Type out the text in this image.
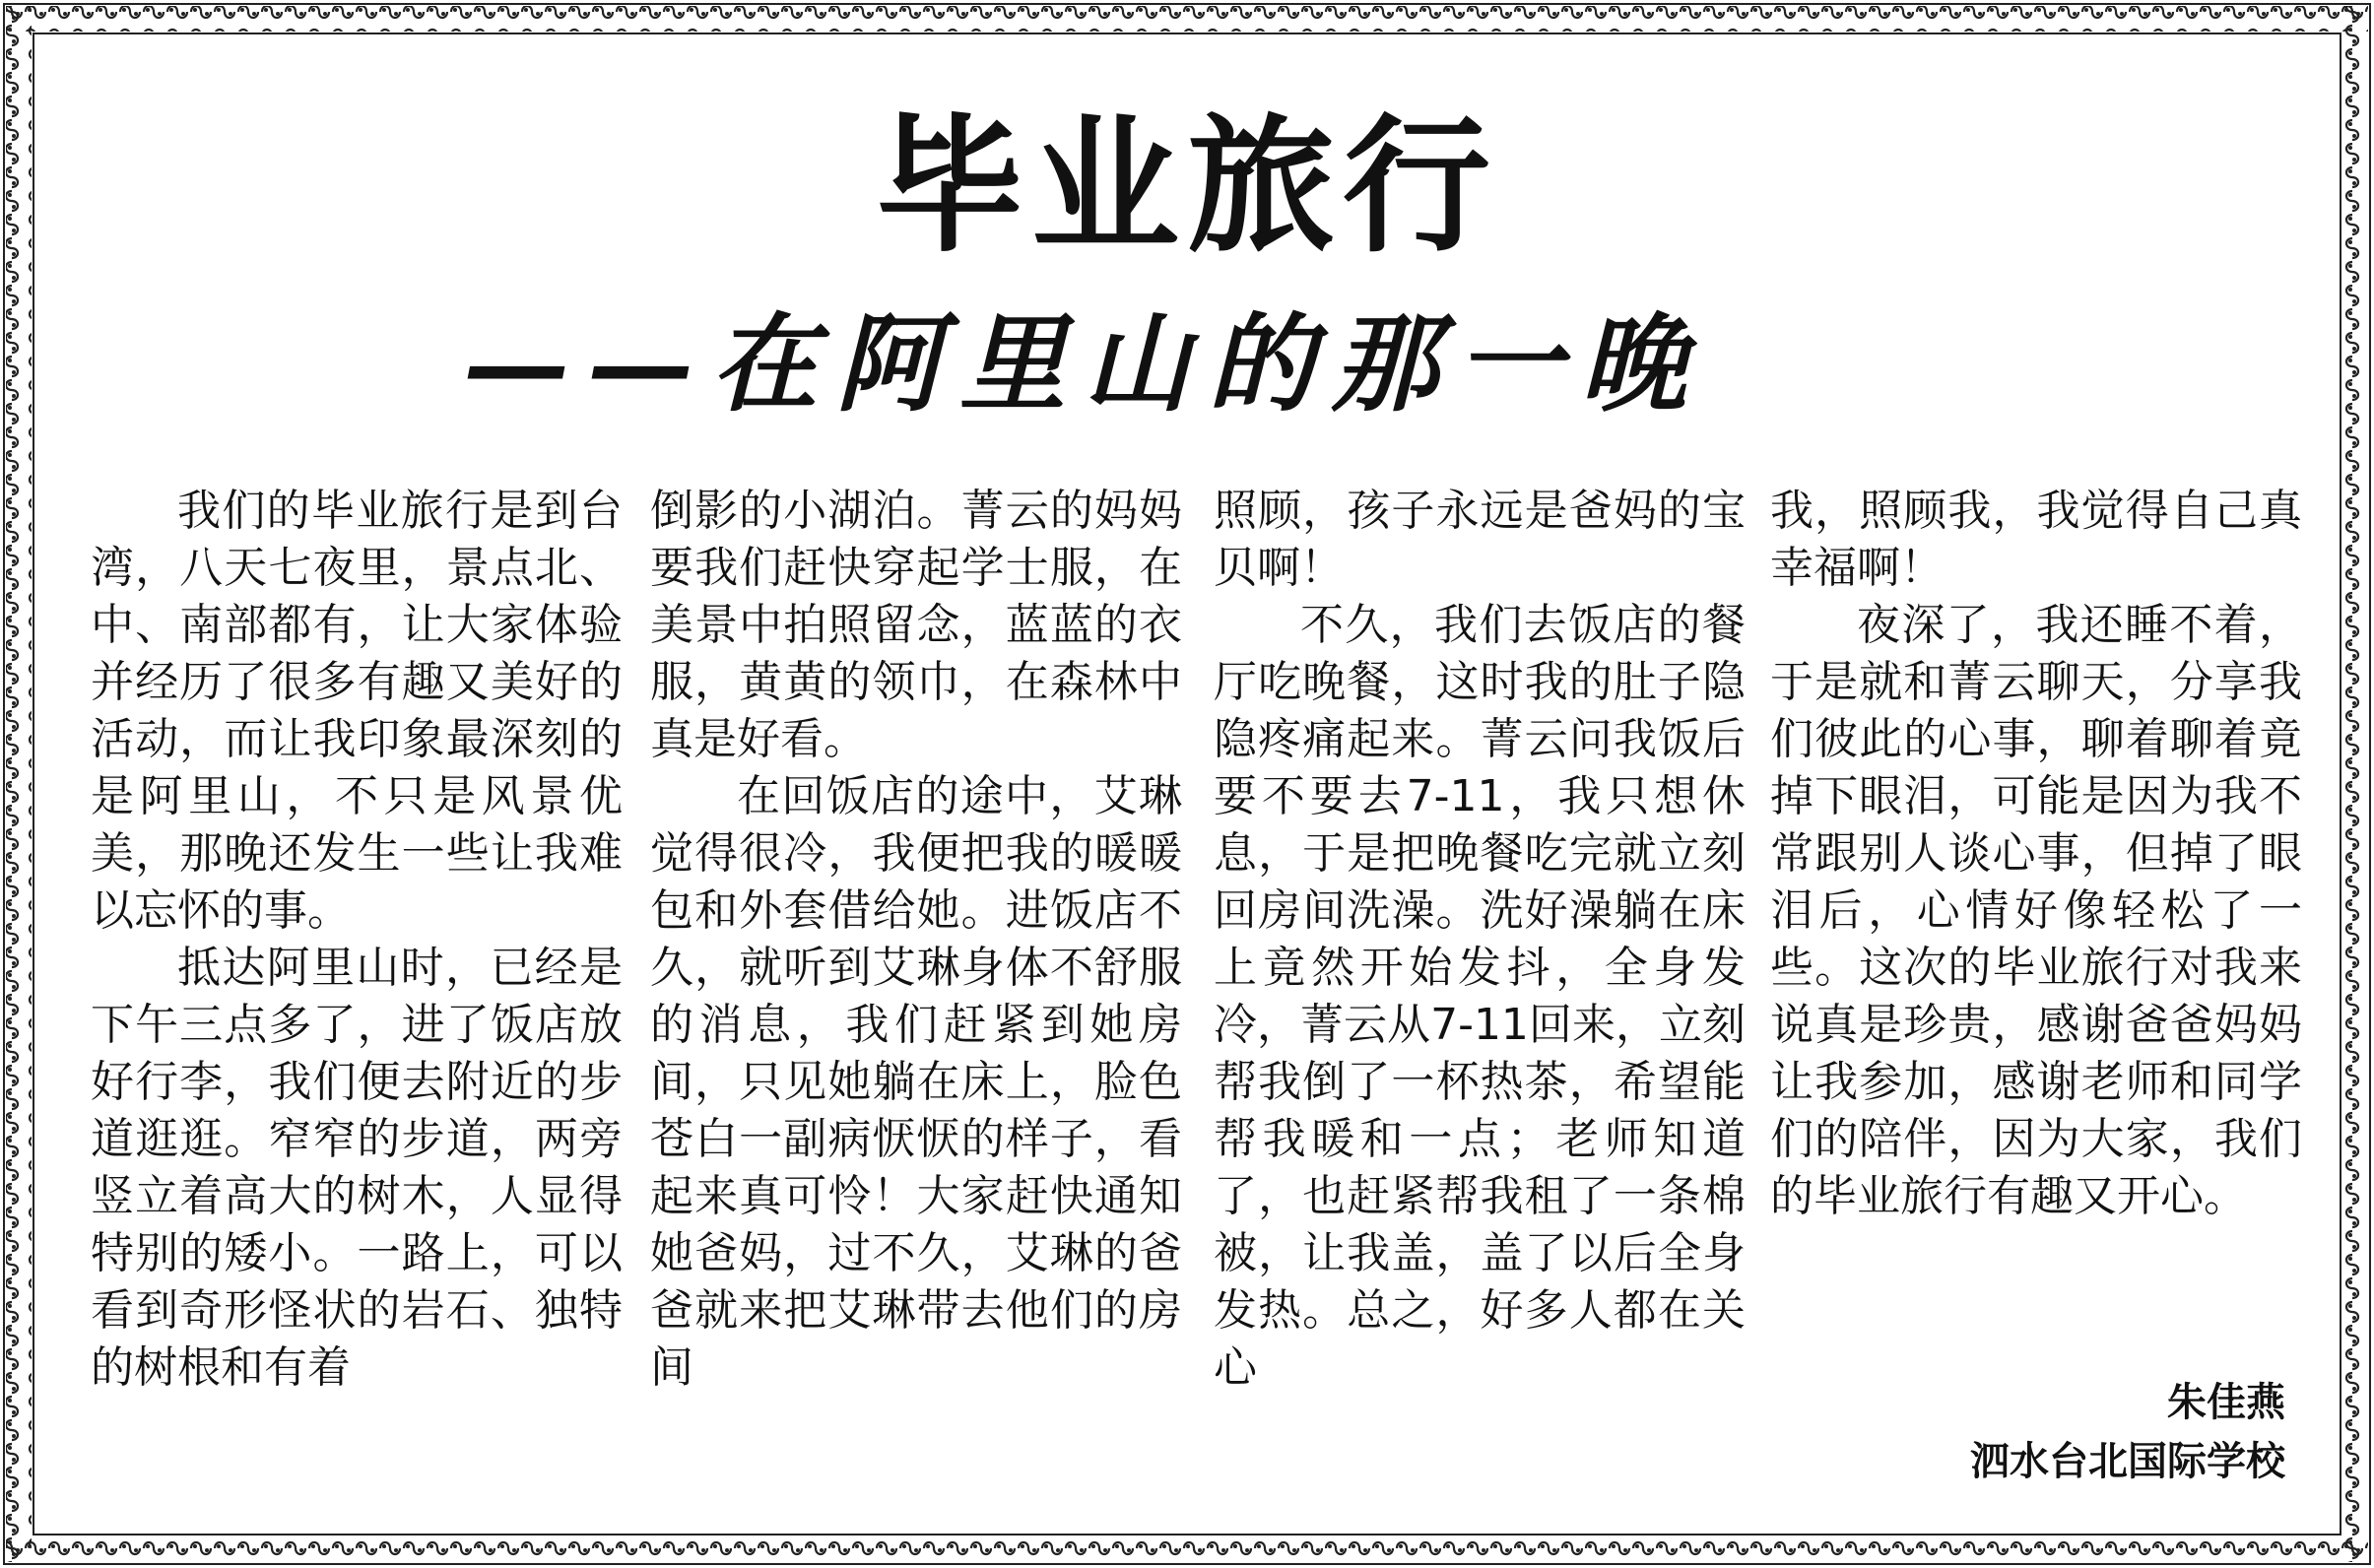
毕业旅行
——在阿里山的那一晚

我们的毕业旅行是到台湾，八天七夜里，景点北、中、南部都有，让大家体验并经历了很多有趣又美好的活动，而让我印象最深刻的是阿里山，不只是风景优美，那晚还发生一些让我难以忘怀的事。

抵达阿里山时，已经是下午三点多了，进了饭店放好行李，我们便去附近的步道逛逛。窄窄的步道，两旁竖立着高大的树木，人显得特别的矮小。一路上，可以看到奇形怪状的岩石、独特的树根和有着

倒影的小湖泊。菁云的妈妈要我们赶快穿起学士服，在美景中拍照留念，蓝蓝的衣服，黄黄的领巾，在森林中真是好看。

在回饭店的途中，艾琳觉得很冷，我便把我的暖暖包和外套借给她。进饭店不久，就听到艾琳身体不舒服的消息，我们赶紧到她房间，只见她躺在床上，脸色苍白一副病恹恹的样子，看起来真可怜！大家赶快通知她爸妈，过不久，艾琳的爸爸就来把艾琳带去他们的房间

照顾，孩子永远是爸妈的宝贝啊！

不久，我们去饭店的餐厅吃晚餐，这时我的肚子隐隐疼痛起来。菁云问我饭后要不要去7-11，我只想休息，于是把晚餐吃完就立刻回房间洗澡。洗好澡躺在床上竟然开始发抖，全身发冷，菁云从7-11回来，立刻帮我倒了一杯热茶，希望能帮我暖和一点；老师知道了，也赶紧帮我租了一条棉被，让我盖，盖了以后全身发热。总之，好多人都在关心

我，照顾我，我觉得自己真幸福啊！

夜深了，我还睡不着，于是就和菁云聊天，分享我们彼此的心事，聊着聊着竟掉下眼泪，可能是因为我不常跟别人谈心事，但掉了眼泪后，心情好像轻松了一些。这次的毕业旅行对我来说真是珍贵，感谢爸爸妈妈让我参加，感谢老师和同学们的陪伴，因为大家，我们的毕业旅行有趣又开心。

朱佳燕
泗水台北国际学校
